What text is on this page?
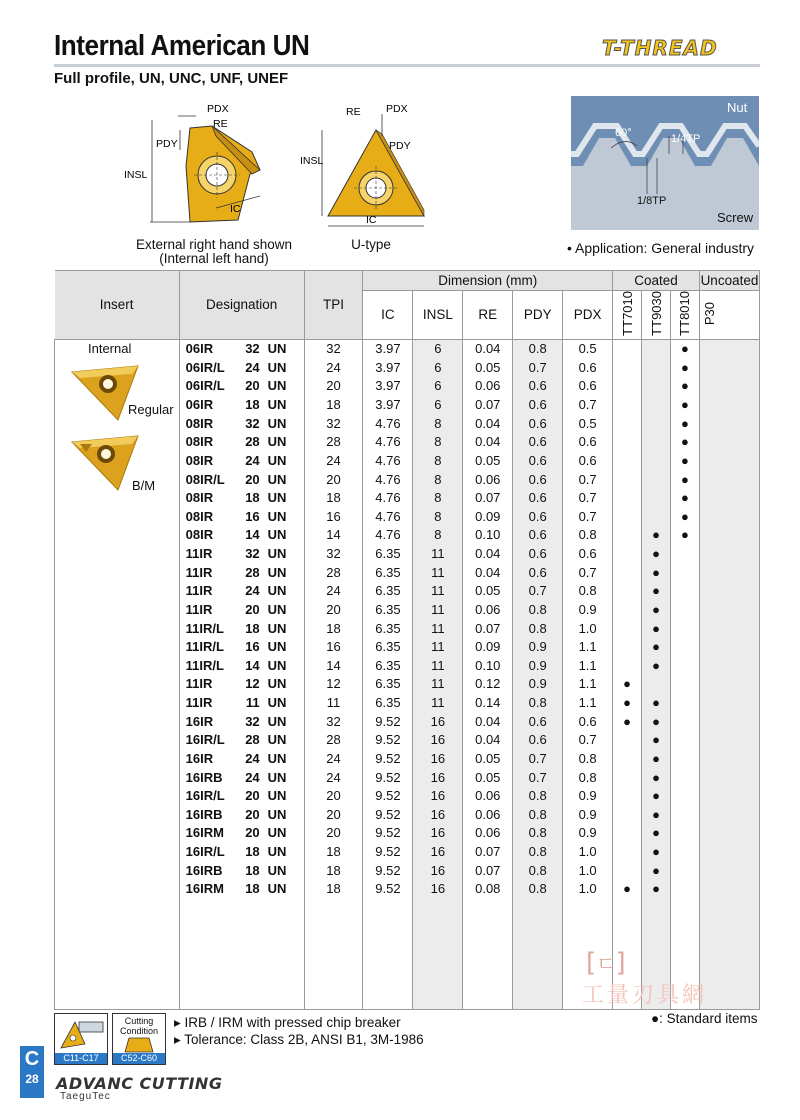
Internal American UN
Full profile, UN, UNC, UNF, UNEF
T-THREAD
PDX
RE
PDY
INSL
IC
External right hand shown
(Internal left hand)
RE PDX
PDY
INSL
IC
U-type
Nut
Screw
60°	1/4TP
1/8TP
• Application: General industry
Insert	Designation	TPI	Dimension (mm)					Coated			Uncoated
			IC	INSL	RE	PDY	PDX	TT7010	TT9030	TT8010	P30
	06IR 32 UN	32	3.97	6	0.04	0.8	0.5			●	
	06IR/L 24 UN	24	3.97	6	0.05	0.7	0.6			●	
	06IR/L 20 UN	20	3.97	6	0.06	0.6	0.6			●	
	06IR 18 UN	18	3.97	6	0.07	0.6	0.7			●	
	08IR 32 UN	32	4.76	8	0.04	0.6	0.5			●	
	08IR 28 UN	28	4.76	8	0.04	0.6	0.6			●	
	08IR 24 UN	24	4.76	8	0.05	0.6	0.6			●	
	08IR/L 20 UN	20	4.76	8	0.06	0.6	0.7			●	
	08IR 18 UN	18	4.76	8	0.07	0.6	0.7			●	
	08IR 16 UN	16	4.76	8	0.09	0.6	0.7			●	
	08IR 14 UN	14	4.76	8	0.10	0.6	0.8		●	●	
	11IR 32 UN	32	6.35	11	0.04	0.6	0.6		●		
	11IR 28 UN	28	6.35	11	0.04	0.6	0.7		●		
	11IR 24 UN	24	6.35	11	0.05	0.7	0.8		●		
	11IR 20 UN	20	6.35	11	0.06	0.8	0.9		●		
	11IR/L 18 UN	18	6.35	11	0.07	0.8	1.0		●		
	11IR/L 16 UN	16	6.35	11	0.09	0.9	1.1		●		
	11IR/L 14 UN	14	6.35	11	0.10	0.9	1.1		●		
	11IR 12 UN	12	6.35	11	0.12	0.9	1.1	●			
	11IR 11 UN	11	6.35	11	0.14	0.8	1.1	●	●		
	16IR 32 UN	32	9.52	16	0.04	0.6	0.6	●	●		
	16IR/L 28 UN	28	9.52	16	0.04	0.6	0.7		●		
	16IR 24 UN	24	9.52	16	0.05	0.7	0.8		●		
	16IRB 24 UN	24	9.52	16	0.05	0.7	0.8		●		
	16IR/L 20 UN	20	9.52	16	0.06	0.8	0.9		●		
	16IRB 20 UN	20	9.52	16	0.06	0.8	0.9		●		
	16IRM 20 UN	20	9.52	16	0.06	0.8	0.9		●		
	16IR/L 18 UN	18	9.52	16	0.07	0.8	1.0		●		
	16IRB 18 UN	18	9.52	16	0.07	0.8	1.0		●		
	16IRM 18 UN	18	9.52	16	0.08	0.8	1.0	●	●		

Internal
Regular
B/M
[​ㄷ]
工量刃具網
C11-C17
Cutting
Condition
C52-C60
▸ IRB / IRM with pressed chip breaker
▸ Tolerance: Class 2B, ANSI B1, 3M-1986
●: Standard items
C
28	ADVANC CUTTING
TaeguTec
